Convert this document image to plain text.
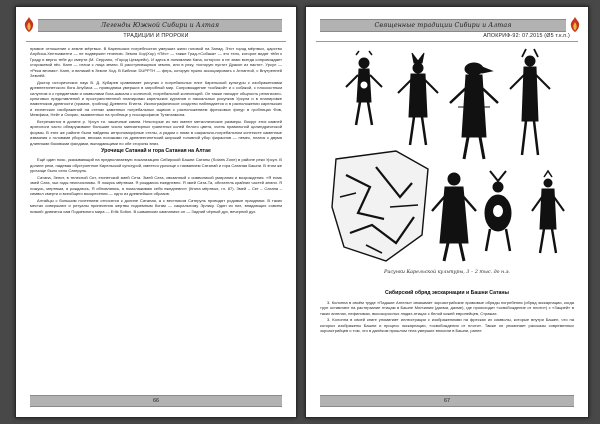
Легенды Южной Сибири и Алтая
ТРАДИЦИИ И ПРОРОКИ

прямое отношение к земле мёртвых. В Карельских потребностях умерших жили головой на Запад. Этот город мёртвых, царство Анубиса-Хентиаменти — не подвержен течению. Земля Хор(Хор) «Пёс» — также Град-«Собака» — это тело, которое видят тёйн к Граду и верно тебе до смерти (М. Серрано, «Город Цезарейс). И здесь в понимании Кана, которого я не знаю всегда сопровождает сторожевой пёс. Канн — итачи с лица земли. В расступившуюся землю, или в реку, «которую пустит Дракон из пасти». Урсул — «Река вечная». Канн, и великий в Земле Ход. В Библии: DUPPTH — ферь, которую нужно ассоциировать с Атлантой, с Внутренней Землёй.

Доктор исторических наук В. Д. Кубарев сравнивает рисунки с погребальных плит Карельской культуры с изображениями древнеегипетского бога Анубиса — проводника умерших в загробный мир. Сопровождение «собакой» и с собакой, с плоскостным силуэтом и с предметами и символами бога-шакала с колесной, погребальной колесницей. Он также находит общность религиозно-культовых представлений и пространственной планировки карельских курганов и наскальных рисунков Урсула и в планировке памятников древности (храмов, гробниц) Древнего Египта. Иконографическое сходство наблюдается и в расположении карельских и египетских изображений на стенах каменных погребальных ящиков с расположением фресковых фигур в гробницах Фив, Мемфиса, Нейт и Осирис, выявленных на гробнице у поссарофагов Тутанхамона.

Встречаются в долине р. Урсул ти. чашечные камни. Некоторые из них имеют металлические размеры. Вокруг этих камней археологи часто обнаруживают большие число миниатюрных гранитных колей белого цвета, очень правильной цилиндрической формы. В этих же районе были найдены антропоморфные стелы, а рядом с ними в сакрально-погребальном контексте каменные изваяния с головами уборов, весьма похожими на древнеегипетский широкий головной убор фараонов — немес, платок с двумя длинными боковыми фалдами, выпадающими по обе стороны вниз.

Урочище Сатанай и гора Сатаная на Алтае

Ещё один пояс, указывающий на предполагаемую локализацию Сибирской Башни Сатаны (Solaris Zone) в районе реки Урсул. В долине реки, надевая обустроенное Карельской культурой, имеется урочище с названием Сатанай и гора Сатаная Башни. В этом же урочище было село Сатеруль.

Сатана, Зенит, в телесной Сит, египетский змей Сета. Змей Сата, связанный с символикой умирания и возрождения. «Я есмь змей Сата, чьи годы неисчислимы. Я ложусь мёртвым. Я рождаюсь ежедневно. Я змей Сата-Та, обитатель крайних частей земли. Я ложусь, мертвым, я рождаюсь, Я обновляюсь, я помолаживаю себя ежедневно» (Книга мёртвых, гл. 87). Змей – Сет – Сатана – символ смерти и всеобщего воскресения — одно из древнейших образов.

Алтайцы с большим почтением относятся к долине Сатаная, а с вестником Сатеруль проводят родовые праздники. В таких местах совершают и ритуалы принесения жертвы подземным богам — сакральному Эрлику. Один из них, впадающих совсем низкий: дивеатса сам Подземного мира — Erlik Solton. В шаманских камланиях он — Задний чёрный дух, вечерний дух.

66
Священные традиции Сибири и Алтая
АПОКРИФ-92: 07.2015 (Ø5 т.к.п.)
Рисунки Карельской культуры, 3 – 2 тыс. до н.э.
Сибирский обряд экскарнации и Башни Сатаны

3. Колонна в своём труде «Падшие Ангелы» связывает зороастрийские храмовые обряды погребения (обряд экскарнации, когда труп оставляют на растерзание птицам в Башне Молчания (дахма, дахме), где происходит «освобождение от плоти») с «Зацией» в таких ангелах, нефилимах, высокорослых людях-птицах с белой кожей европейцев, Стражах.

3. Колонна в своей книге упоминает иллюстрации с изображениями на фресках их символы, которые внутри Башен, что на которых изображены Башни и процесс экскарнации, «освобождения от плоти». Также он упоминает рассказы современных зороастрийцев о том, что в далёком прошлом тела умерших вносили в Башни, ранее

67
